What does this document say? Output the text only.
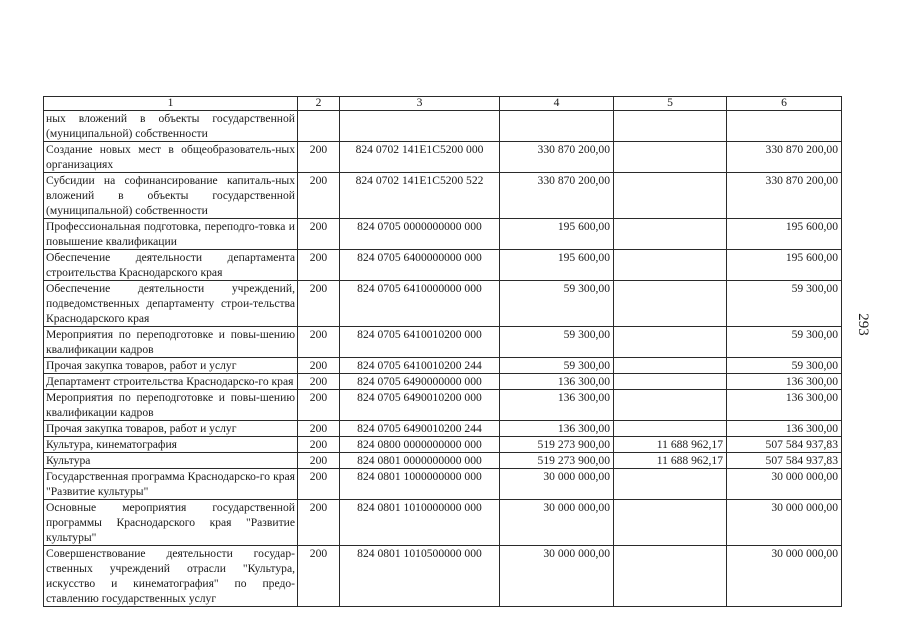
1	2	3	4	5	6
ных вложений в объекты государственной (муниципальной) собственности					
Создание новых мест в общеобразователь-ных организациях	200	824 0702 141E1C5200 000	330 870 200,00		330 870 200,00
Субсидии на софинансирование капиталь-ных вложений в объекты государственной (муниципальной) собственности	200	824 0702 141E1C5200 522	330 870 200,00		330 870 200,00
Профессиональная подготовка, переподго-товка и повышение квалификации	200	824 0705 0000000000 000	195 600,00		195 600,00
Обеспечение деятельности департамента строительства Краснодарского края	200	824 0705 6400000000 000	195 600,00		195 600,00
Обеспечение деятельности учреждений, подведомственных департаменту строи-тельства Краснодарского края	200	824 0705 6410000000 000	59 300,00		59 300,00
Мероприятия по переподготовке и повы-шению квалификации кадров	200	824 0705 6410010200 000	59 300,00		59 300,00
Прочая закупка товаров, работ и услуг	200	824 0705 6410010200 244	59 300,00		59 300,00
Департамент строительства Краснодарско-го края	200	824 0705 6490000000 000	136 300,00		136 300,00
Мероприятия по переподготовке и повы-шению квалификации кадров	200	824 0705 6490010200 000	136 300,00		136 300,00
Прочая закупка товаров, работ и услуг	200	824 0705 6490010200 244	136 300,00		136 300,00
Культура, кинематография	200	824 0800 0000000000 000	519 273 900,00	11 688 962,17	507 584 937,83
Культура	200	824 0801 0000000000 000	519 273 900,00	11 688 962,17	507 584 937,83
Государственная программа Краснодарско-го края "Развитие культуры"	200	824 0801 1000000000 000	30 000 000,00		30 000 000,00
Основные мероприятия государственной программы Краснодарского края "Развитие культуры"	200	824 0801 1010000000 000	30 000 000,00		30 000 000,00
Совершенствование деятельности государ-ственных учреждений отрасли "Культура, искусство и кинематография" по предо-ставлению государственных услуг	200	824 0801 1010500000 000	30 000 000,00		30 000 000,00
293
